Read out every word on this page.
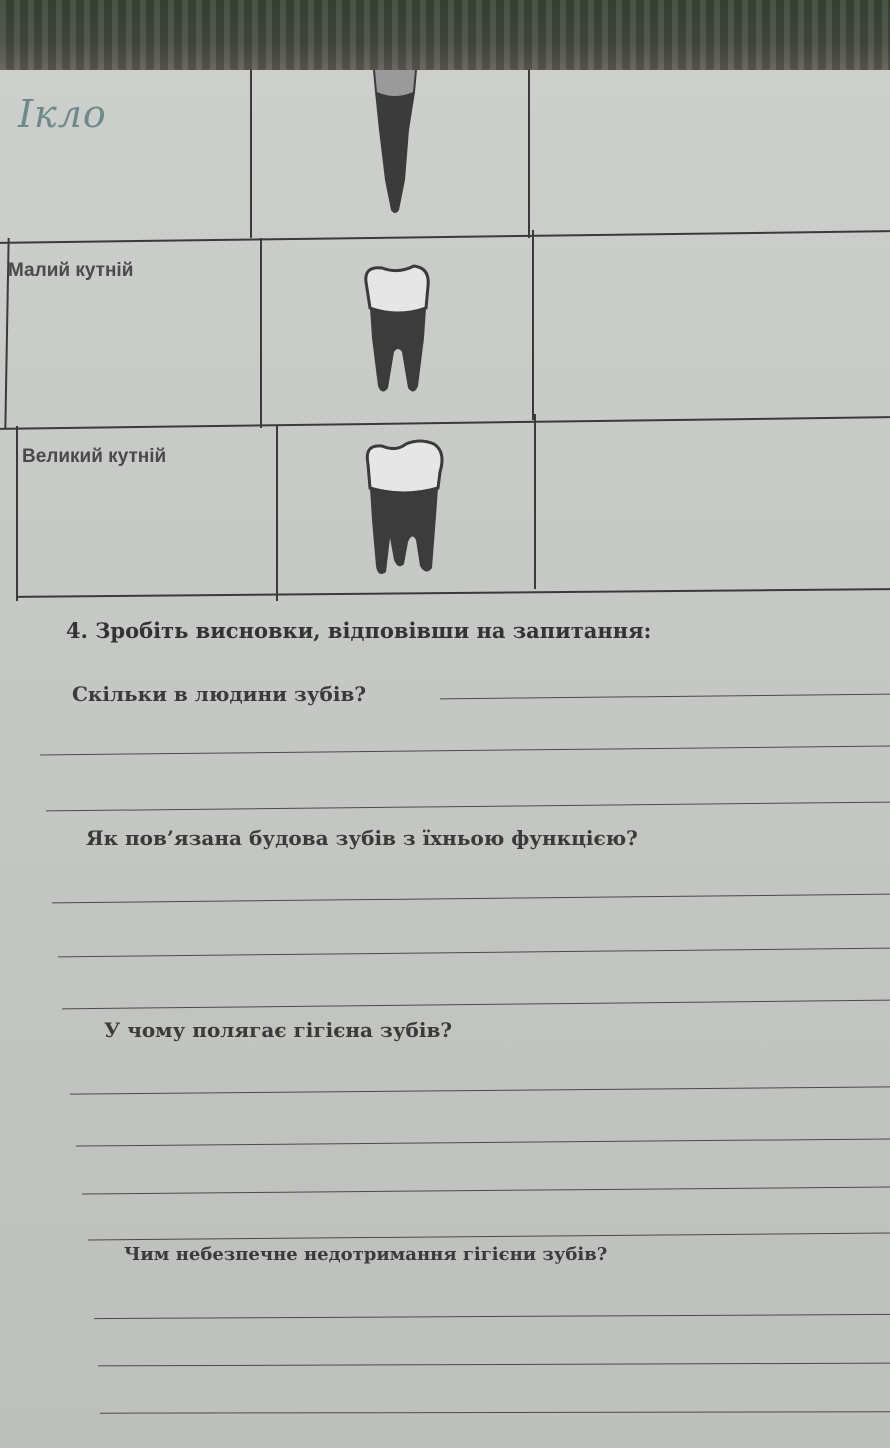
Ікло
Малий кутній
Великий кутній
4. Зробіть висновки, відповівши на запитання:
Скільки в людини зубів?
Як пов’язана будова зубів з їхньою функцією?
У чому полягає гігієна зубів?
Чим небезпечне недотримання гігієни зубів?
